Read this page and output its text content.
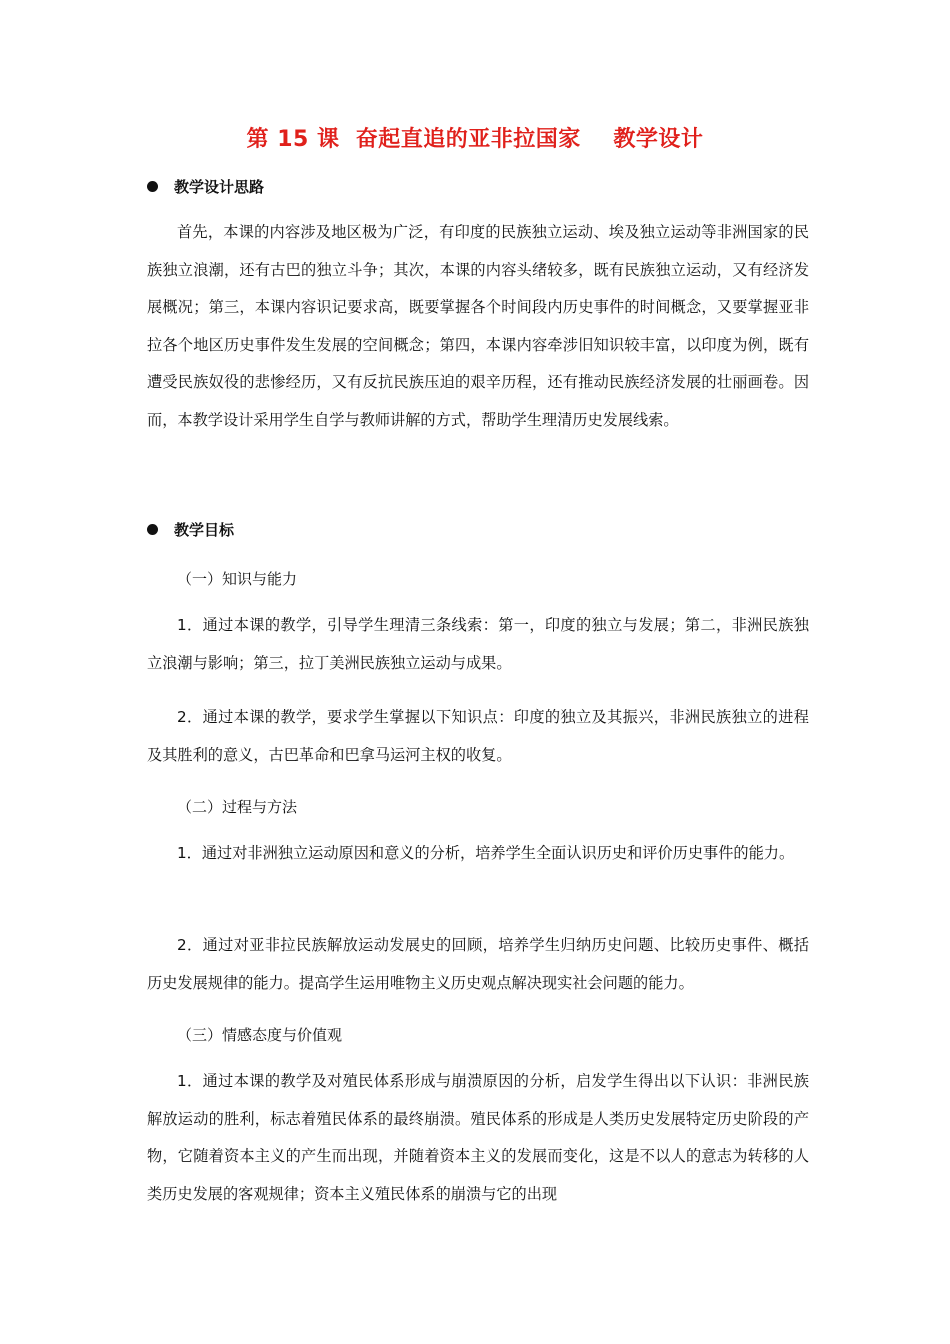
第 15 课  奋起直追的亚非拉国家    教学设计
教学设计思路

首先，本课的内容涉及地区极为广泛，有印度的民族独立运动、埃及独立运动等非洲国家的民族独立浪潮，还有古巴的独立斗争；其次，本课的内容头绪较多，既有民族独立运动，又有经济发展概况；第三，本课内容识记要求高，既要掌握各个时间段内历史事件的时间概念，又要掌握亚非拉各个地区历史事件发生发展的空间概念；第四，本课内容牵涉旧知识较丰富，以印度为例，既有遭受民族奴役的悲惨经历，又有反抗民族压迫的艰辛历程，还有推动民族经济发展的壮丽画卷。因而，本教学设计采用学生自学与教师讲解的方式，帮助学生理清历史发展线索。

教学目标
（一）知识与能力

1．通过本课的教学，引导学生理清三条线索：第一，印度的独立与发展；第二，非洲民族独立浪潮与影响；第三，拉丁美洲民族独立运动与成果。

2．通过本课的教学，要求学生掌握以下知识点：印度的独立及其振兴，非洲民族独立的进程及其胜利的意义，古巴革命和巴拿马运河主权的收复。

（二）过程与方法

1．通过对非洲独立运动原因和意义的分析，培养学生全面认识历史和评价历史事件的能力。

2．通过对亚非拉民族解放运动发展史的回顾，培养学生归纳历史问题、比较历史事件、概括历史发展规律的能力。提高学生运用唯物主义历史观点解决现实社会问题的能力。

（三）情感态度与价值观

1．通过本课的教学及对殖民体系形成与崩溃原因的分析，启发学生得出以下认识：非洲民族解放运动的胜利，标志着殖民体系的最终崩溃。殖民体系的形成是人类历史发展特定历史阶段的产物，它随着资本主义的产生而出现，并随着资本主义的发展而变化，这是不以人的意志为转移的人类历史发展的客观规律；资本主义殖民体系的崩溃与它的出现
